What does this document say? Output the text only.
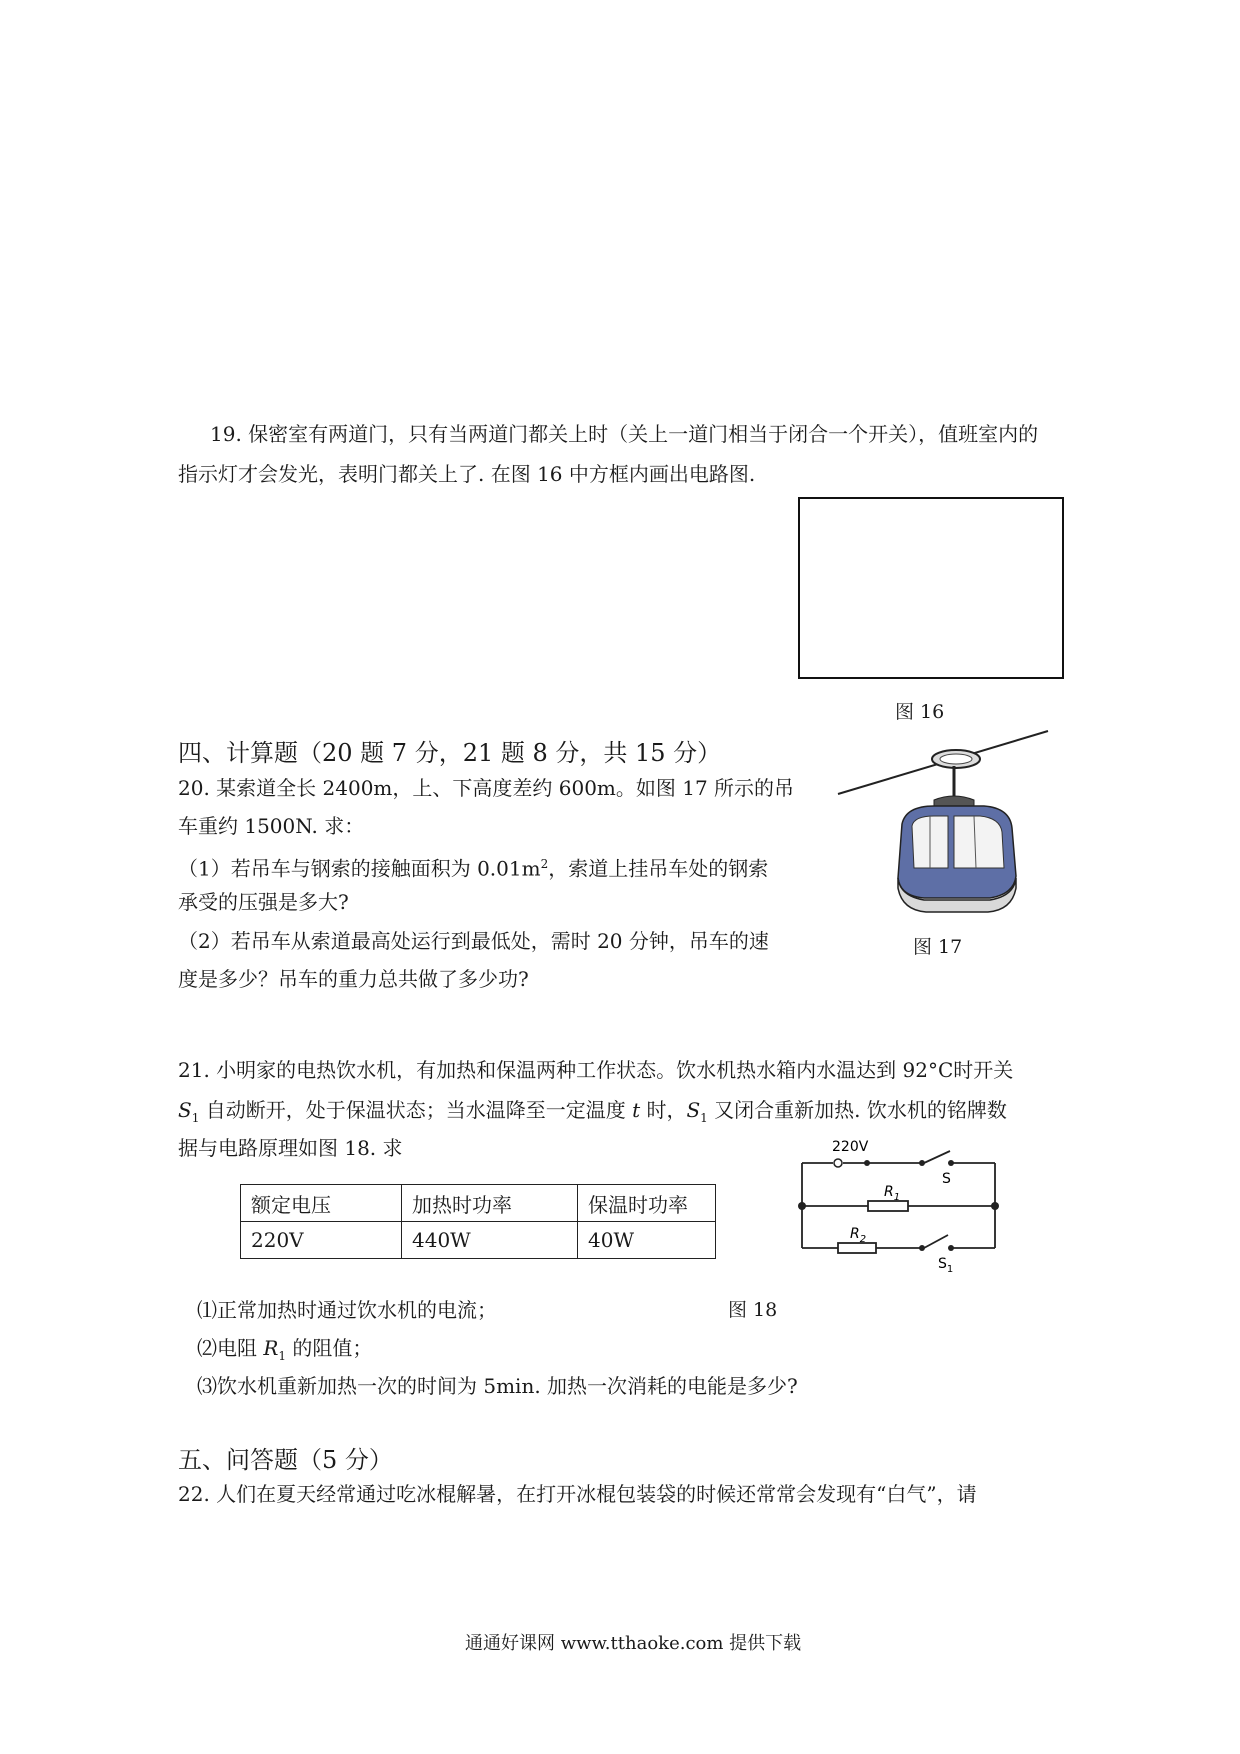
19. 保密室有两道门，只有当两道门都关上时（关上一道门相当于闭合一个开关），值班室内的
指示灯才会发光，表明门都关上了. 在图 16 中方框内画出电路图.
图 16
四、计算题（20 题 7 分，21 题 8 分，共 15 分）
20. 某索道全长 2400m，上、下高度差约 600m。如图 17 所示的吊
车重约 1500N. 求：
（1）若吊车与钢索的接触面积为 $0.01m^2$，索道上挂吊车处的钢索
承受的压强是多大?
（2）若吊车从索道最高处运行到最低处，需时 20 分钟，吊车的速
度是多少？吊车的重力总共做了多少功?
图 17
21. 小明家的电热饮水机，有加热和保温两种工作状态。饮水机热水箱内水温达到 92°C时开关
$S_1$ 自动断开，处于保温状态；当水温降至一定温度 t 时，$S_1$ 又闭合重新加热. 饮水机的铭牌数
据与电路原理如图 18. 求
额定电压	加热时功率	保温时功率
220V	440W	40W
220V
S
$R_1$
$R_2$
$S_1$
图 18
⑴正常加热时通过饮水机的电流；
⑵电阻 $R_1$ 的阻值；
⑶饮水机重新加热一次的时间为 5min. 加热一次消耗的电能是多少?
五、问答题（5 分）
22. 人们在夏天经常通过吃冰棍解暑，在打开冰棍包装袋的时候还常常会发现有“白气”，请
通通好课网 www.tthaoke.com 提供下载
